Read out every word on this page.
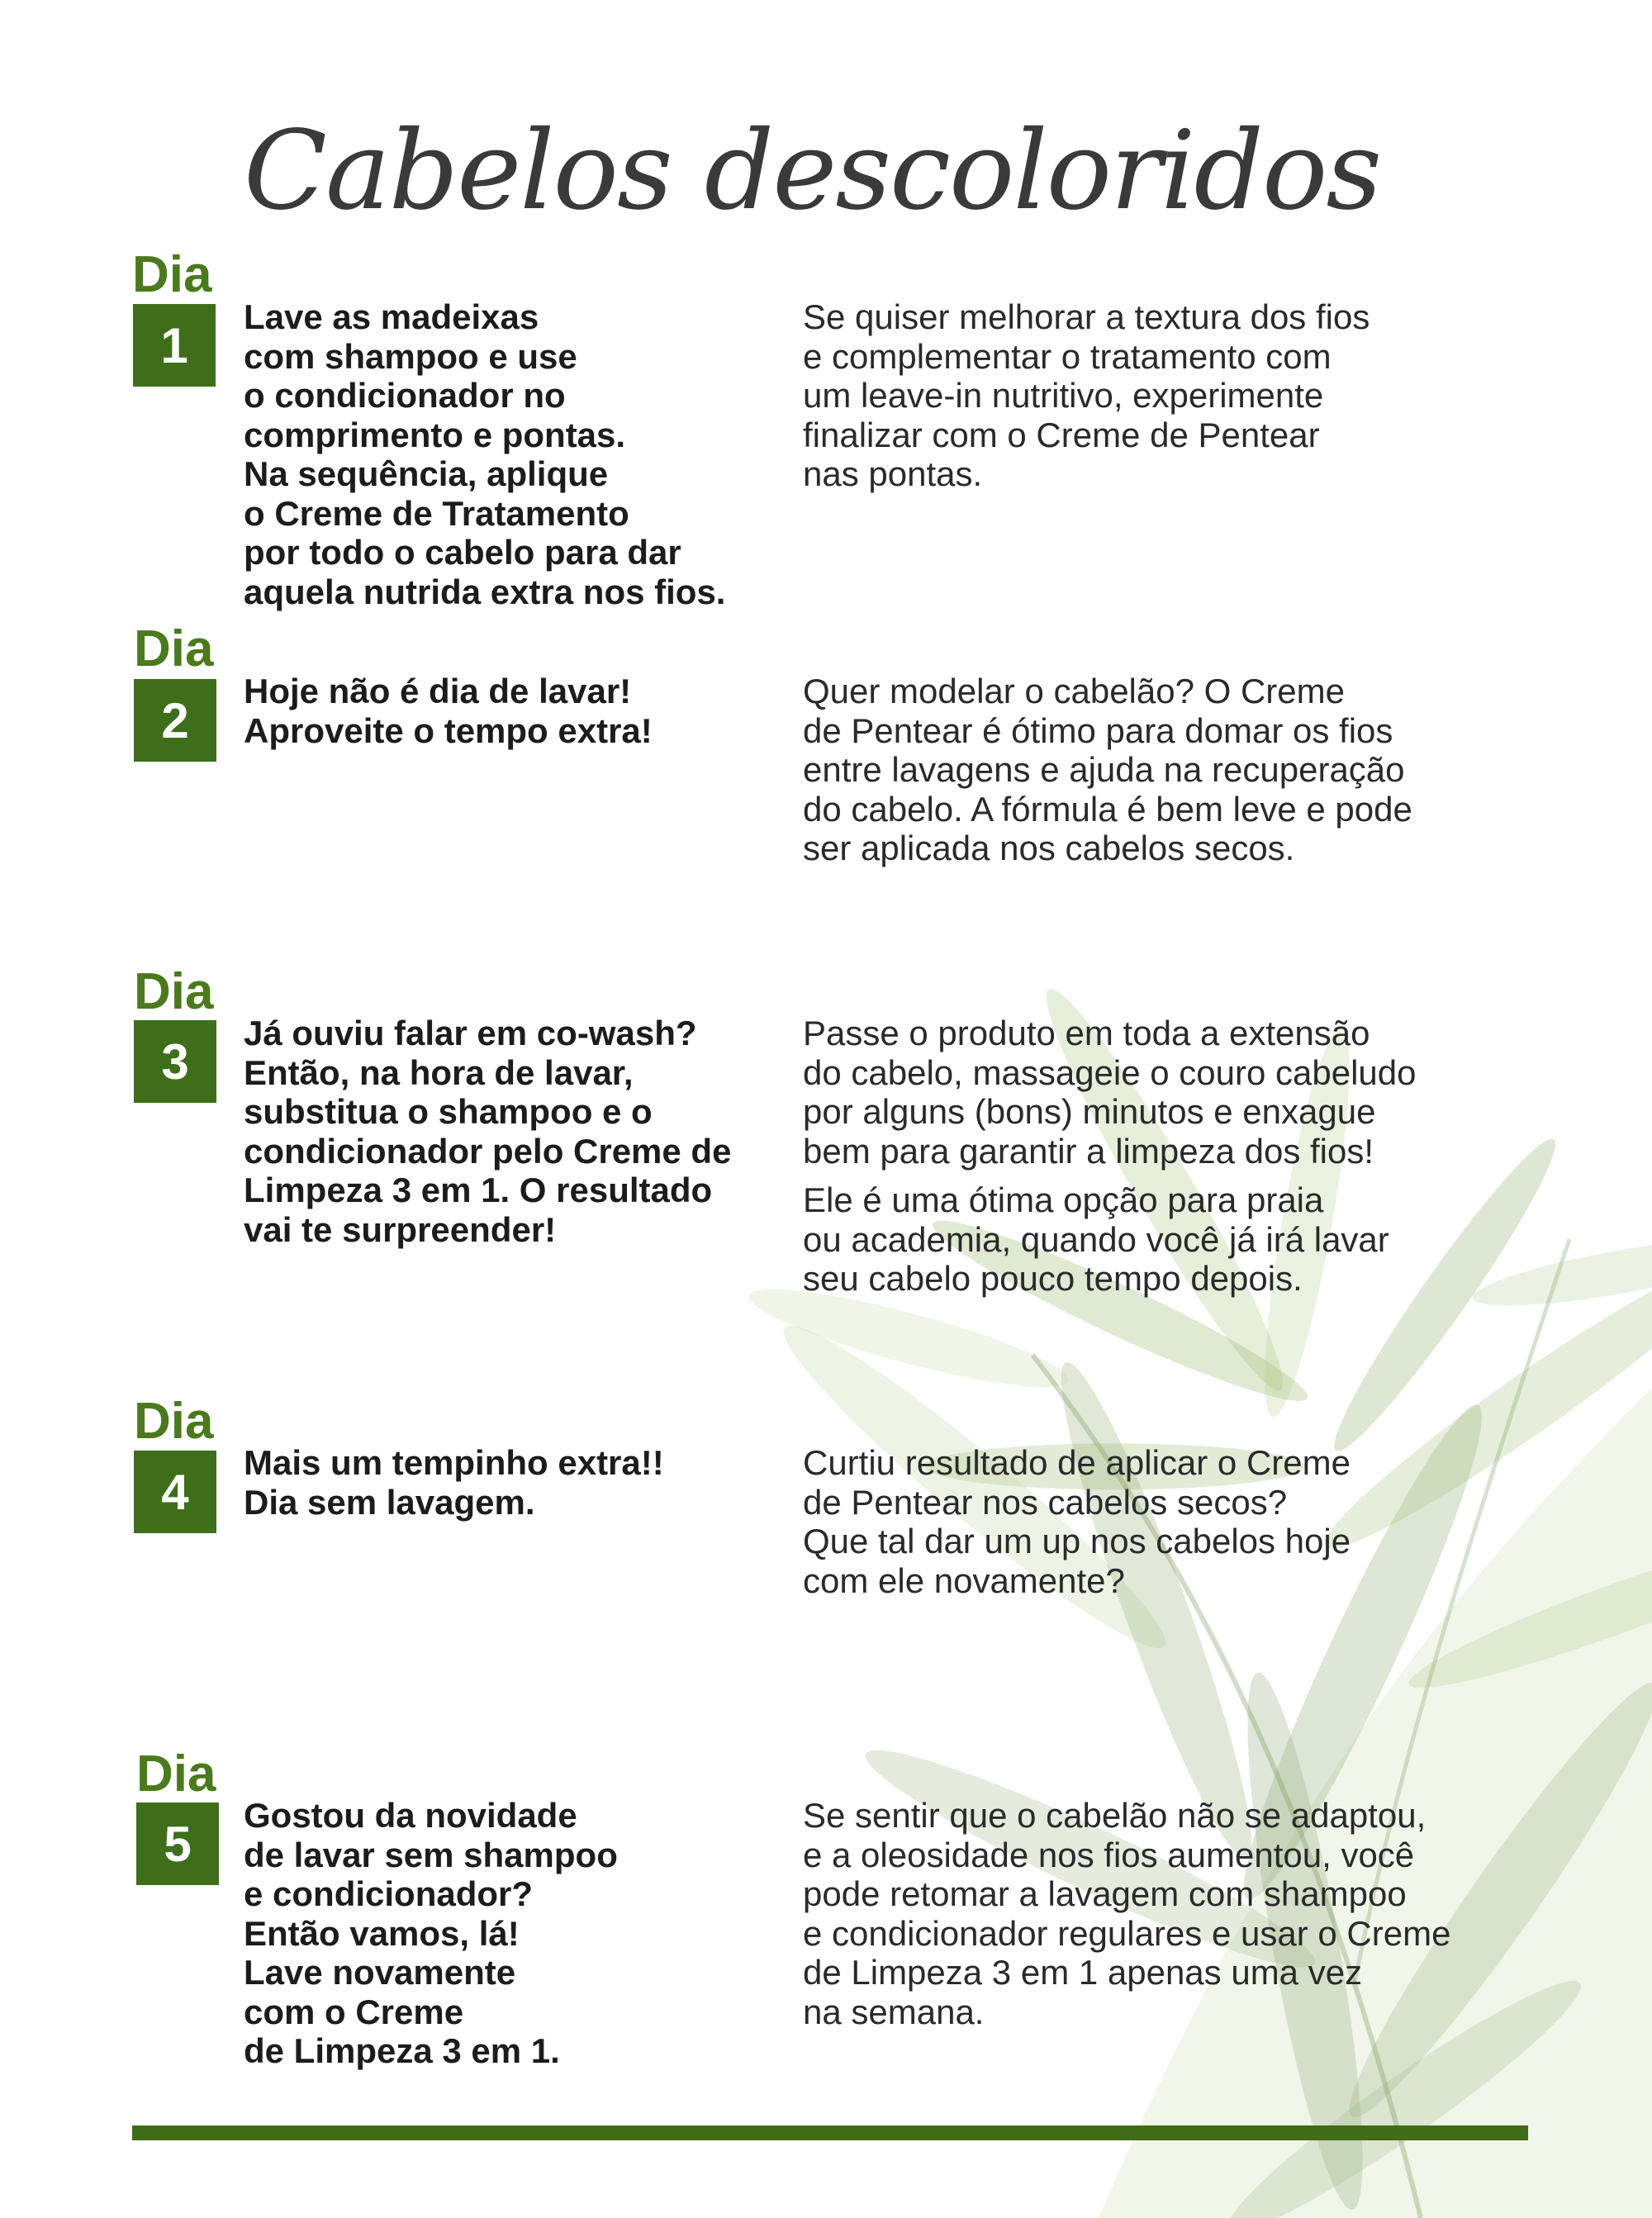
Cabelos descoloridos
Dia
1

Lave as madeixas
com shampoo e use
o condicionador no
comprimento e pontas.
Na sequência, aplique
o Creme de Tratamento
por todo o cabelo para dar
aquela nutrida extra nos fios.

Se quiser melhorar a textura dos fios
e complementar o tratamento com
um leave-in nutritivo, experimente
finalizar com o Creme de Pentear
nas pontas.

Dia
2

Hoje não é dia de lavar!
Aproveite o tempo extra!

Quer modelar o cabelão? O Creme
de Pentear é ótimo para domar os fios
entre lavagens e ajuda na recuperação
do cabelo. A fórmula é bem leve e pode
ser aplicada nos cabelos secos.

Dia
3

Já ouviu falar em co-wash?
Então, na hora de lavar,
substitua o shampoo e o
condicionador pelo Creme de
Limpeza 3 em 1. O resultado
vai te surpreender!

Passe o produto em toda a extensão
do cabelo, massageie o couro cabeludo
por alguns (bons) minutos e enxague
bem para garantir a limpeza dos fios!
Ele é uma ótima opção para praia
ou academia, quando você já irá lavar
seu cabelo pouco tempo depois.

Dia
4

Mais um tempinho extra!!
Dia sem lavagem.

Curtiu resultado de aplicar o Creme
de Pentear nos cabelos secos?
Que tal dar um up nos cabelos hoje
com ele novamente?

Dia
5

Gostou da novidade
de lavar sem shampoo
e condicionador?
Então vamos, lá!
Lave novamente
com o Creme
de Limpeza 3 em 1.

Se sentir que o cabelão não se adaptou,
e a oleosidade nos fios aumentou, você
pode retomar a lavagem com shampoo
e condicionador regulares e usar o Creme
de Limpeza 3 em 1 apenas uma vez
na semana.
